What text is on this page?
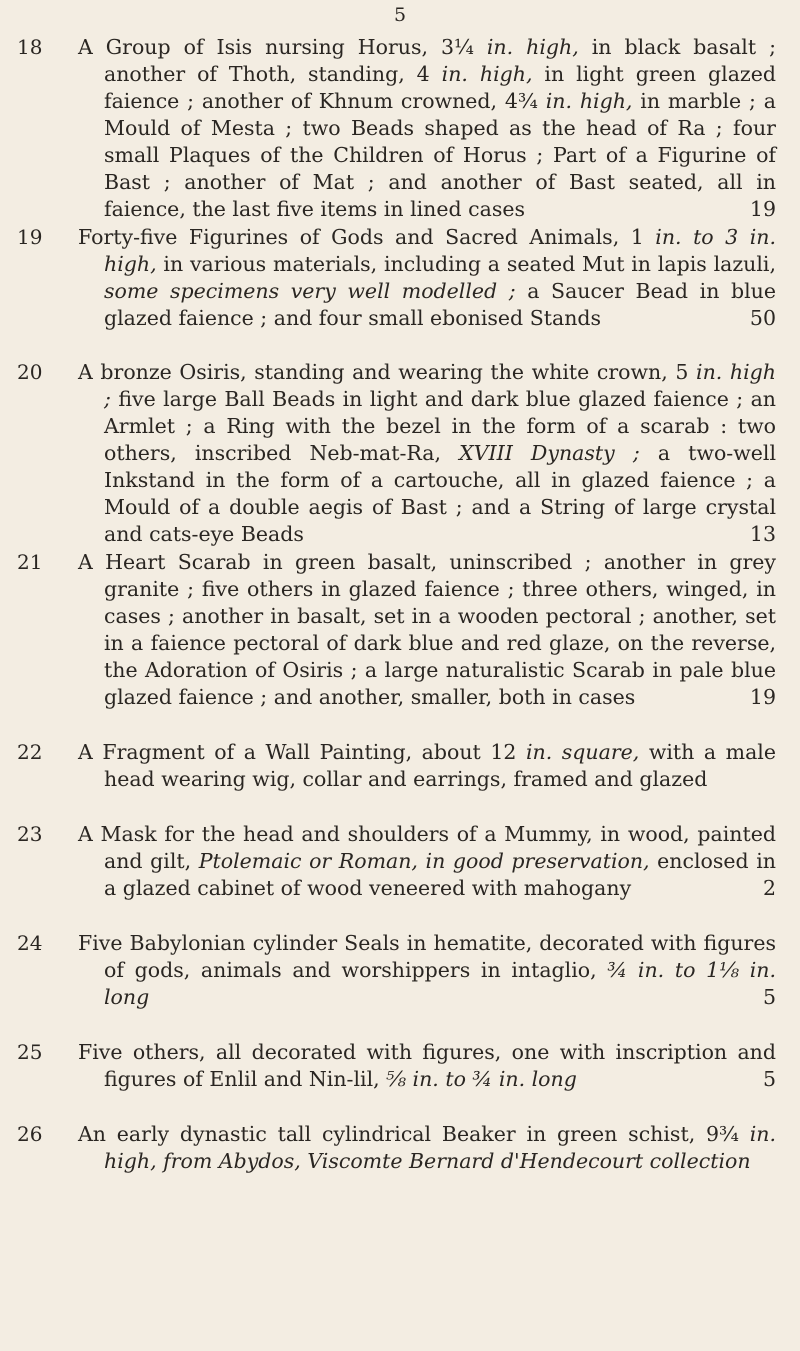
5
18 A Group of Isis nursing Horus, 3¼ in. high, in black basalt ; another of Thoth, standing, 4 in. high, in light green glazed faience ; another of Khnum crowned, 4¾ in. high, in marble ; a Mould of Mesta ; two Beads shaped as the head of Ra ; four small Plaques of the Children of Horus ; Part of a Figurine of Bast ; another of Mat ; and another of Bast seated, all in faience, the last five items in lined cases	19
19 Forty-five Figurines of Gods and Sacred Animals, 1 in. to 3 in. high, in various materials, including a seated Mut in lapis lazuli, some specimens very well modelled ; a Saucer Bead in blue glazed faience ; and four small ebonised Stands	50
20 A bronze Osiris, standing and wearing the white crown, 5 in. high ; five large Ball Beads in light and dark blue glazed faience ; an Armlet ; a Ring with the bezel in the form of a scarab : two others, inscribed Neb-mat-Ra, XVIII Dynasty ; a two-well Inkstand in the form of a cartouche, all in glazed faience ; a Mould of a double aegis of Bast ; and a String of large crystal and cats-eye Beads	13
21 A Heart Scarab in green basalt, uninscribed ; another in grey granite ; five others in glazed faience ; three others, winged, in cases ; another in basalt, set in a wooden pectoral ; another, set in a faience pectoral of dark blue and red glaze, on the reverse, the Adoration of Osiris ; a large naturalistic Scarab in pale blue glazed faience ; and another, smaller, both in cases	19
22 A Fragment of a Wall Painting, about 12 in. square, with a male head wearing wig, collar and earrings, framed and glazed
23 A Mask for the head and shoulders of a Mummy, in wood, painted and gilt, Ptolemaic or Roman, in good preservation, enclosed in a glazed cabinet of wood veneered with mahogany	2
24 Five Babylonian cylinder Seals in hematite, decorated with figures of gods, animals and worshippers in intaglio, ¾ in. to 1⅛ in. long	5
25 Five others, all decorated with figures, one with inscription and figures of Enlil and Nin-lil, ⅝ in. to ¾ in. long	5
26 An early dynastic tall cylindrical Beaker in green schist, 9¾ in. high, from Abydos, Viscomte Bernard d'Hendecourt collection
